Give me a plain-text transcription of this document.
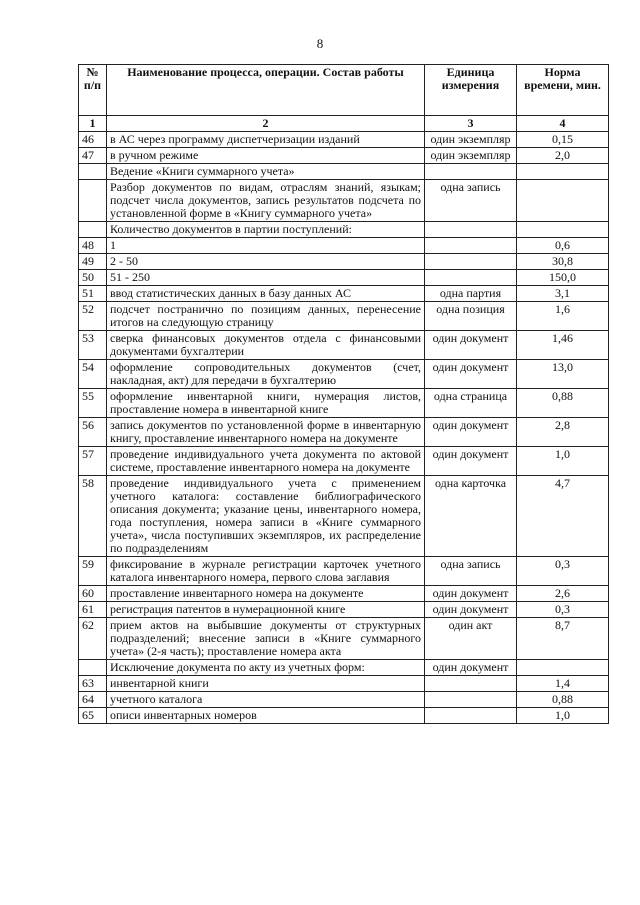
8
№ п/п	Наименование процесса, операции. Состав работы	Единица измерения	Норма времени, мин.
1	2	3	4
46	в АС через программу диспетчеризации изданий	один экземпляр	0,15
47	в ручном режиме	один экземпляр	2,0
	Ведение «Книги суммарного учета»		
	Разбор документов по видам, отраслям знаний, языкам; подсчет числа документов, запись результатов подсчета по установленной форме в «Книгу суммарного учета»	одна запись	
	Количество документов в партии поступлений:		
48	1		0,6
49	2 - 50		30,8
50	51 - 250		150,0
51	ввод статистических данных в базу данных АС	одна партия	3,1
52	подсчет постранично по позициям данных, перенесение итогов на следующую страницу	одна позиция	1,6
53	сверка финансовых документов отдела с финансовыми документами бухгалтерии	один документ	1,46
54	оформление сопроводительных документов (счет, накладная, акт) для передачи в бухгалтерию	один документ	13,0
55	оформление инвентарной книги, нумерация листов, проставление номера в инвентарной книге	одна страница	0,88
56	запись документов по установленной форме в инвентарную книгу, проставление инвентарного номера на документе	один документ	2,8
57	проведение индивидуального учета документа по актовой системе, проставление инвентарного номера на документе	один документ	1,0
58	проведение индивидуального учета с применением учетного каталога: составление библиографического описания документа; указание цены, инвентарного номера, года поступления, номера записи в «Книге суммарного учета», числа поступивших экземпляров, их распределение по подразделениям	одна карточка	4,7
59	фиксирование в журнале регистрации карточек учетного каталога инвентарного номера, первого слова заглавия	одна запись	0,3
60	проставление инвентарного номера на документе	один документ	2,6
61	регистрация патентов в нумерационной книге	один документ	0,3
62	прием актов на выбывшие документы от структурных подразделений; внесение записи в «Книге суммарного учета» (2-я часть); проставление номера акта	один акт	8,7
	Исключение документа по акту из учетных форм:	один документ	
63	инвентарной книги		1,4
64	учетного каталога		0,88
65	описи инвентарных номеров		1,0
